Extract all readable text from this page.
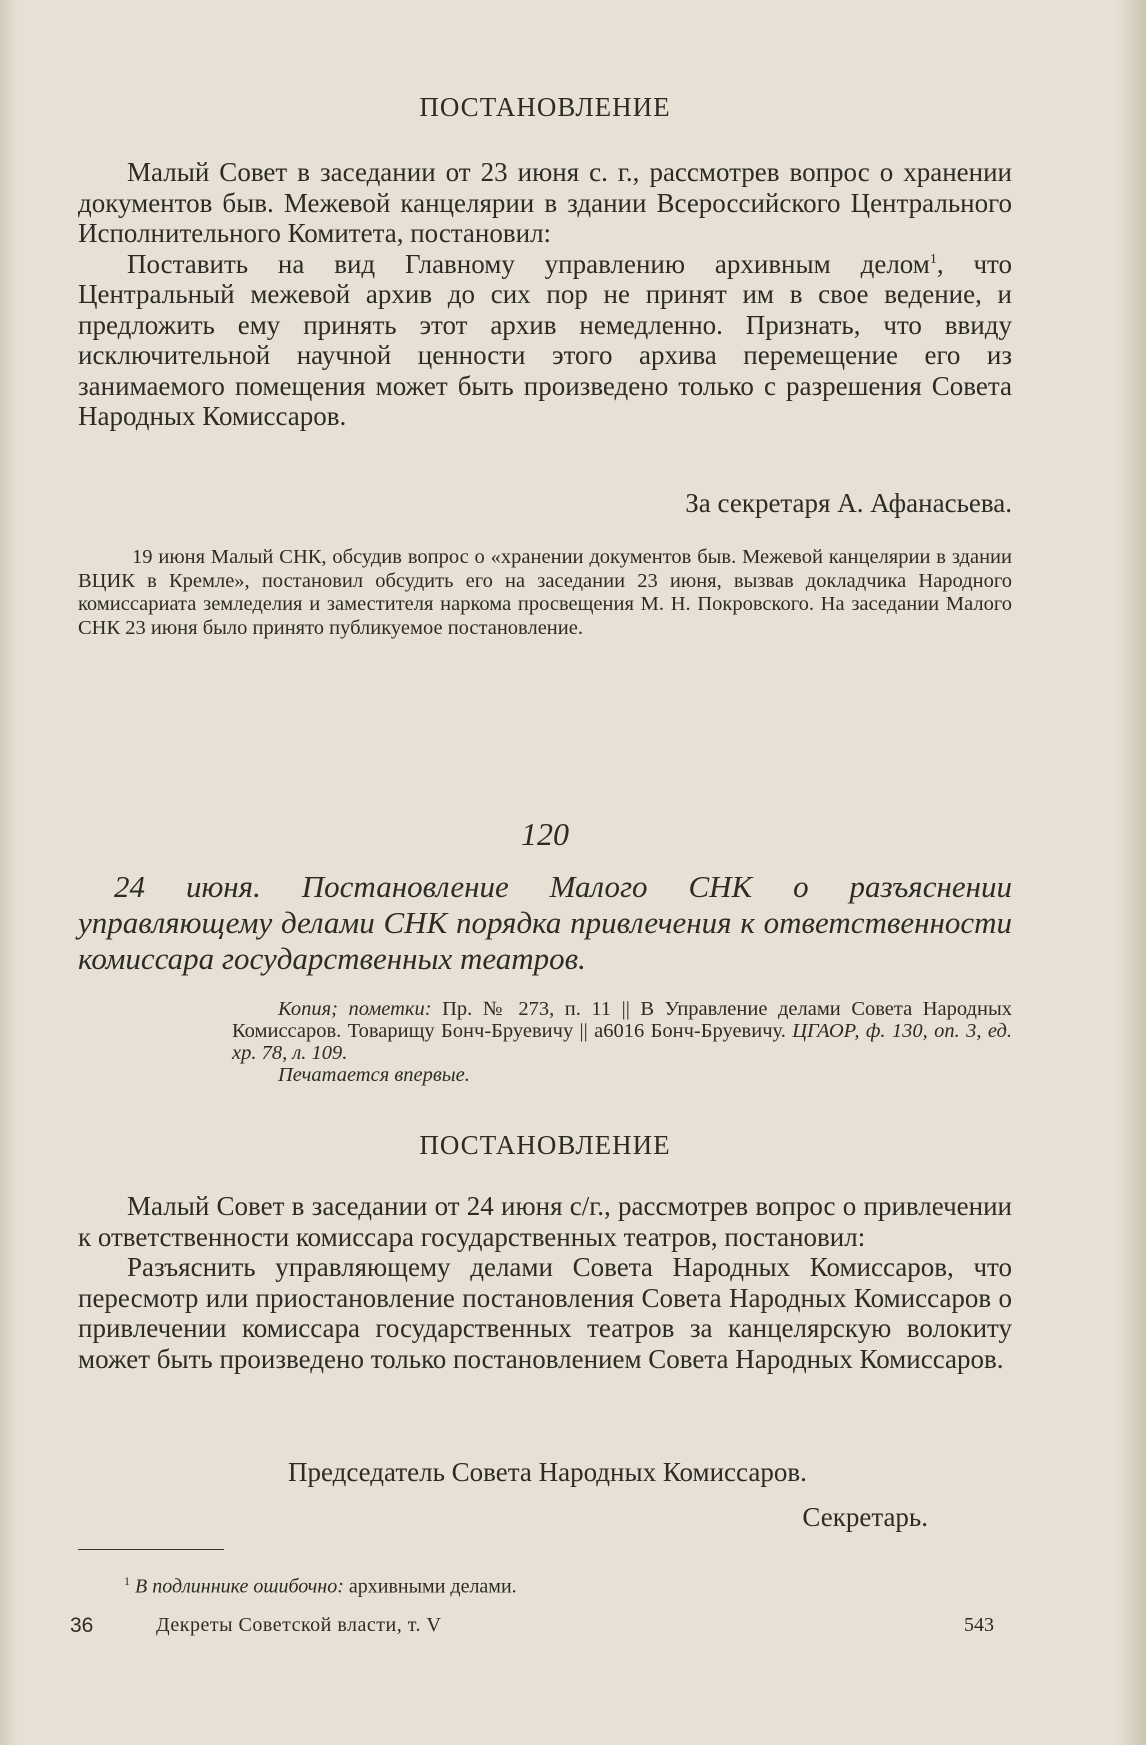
ПОСТАНОВЛЕНИЕ

Малый Совет в заседании от 23 июня с. г., рассмотрев вопрос о хранении документов быв. Межевой канцелярии в здании Всероссийского Центрального Исполнительного Комитета, постановил:

Поставить на вид Главному управлению архивным делом$^1$, что Центральный межевой архив до сих пор не принят им в свое ведение, и предложить ему принять этот архив немедленно. Признать, что ввиду исключительной научной ценности этого архива перемещение его из занимаемого помещения может быть произведено только с разрешения Совета Народных Комиссаров.

За секретаря А. Афанасьева.

19 июня Малый СНК, обсудив вопрос о «хранении документов быв. Межевой канцелярии в здании ВЦИК в Кремле», постановил обсудить его на заседании 23 июня, вызвав докладчика Народного комиссариата земледелия и заместителя наркома просвещения М. Н. Покровского. На заседании Малого СНК 23 июня было принято публикуемое постановление.

120

24 июня. Постановление Малого СНК о разъяснении управляющему делами СНК порядка привлечения к ответственности комиссара государственных театров.

Копия; пометки: Пр. № 273, п. 11 || В Управление делами Совета Народных Комиссаров. Товарищу Бонч-Бруевичу || а6016 Бонч-Бруевичу. ЦГАОР, ф. 130, оп. 3, ед. хр. 78, л. 109.
Печатается впервые.

ПОСТАНОВЛЕНИЕ

Малый Совет в заседании от 24 июня с/г., рассмотрев вопрос о привлечении к ответственности комиссара государственных театров, постановил:

Разъяснить управляющему делами Совета Народных Комиссаров, что пересмотр или приостановление постановления Совета Народных Комиссаров о привлечении комиссара государственных театров за канцелярскую волокиту может быть произведено только постановлением Совета Народных Комиссаров.

Председатель Совета Народных Комиссаров.

Секретарь.

$^1$ В подлиннике ошибочно: архивными делами.

36	Декреты Советской власти, т. V	543
